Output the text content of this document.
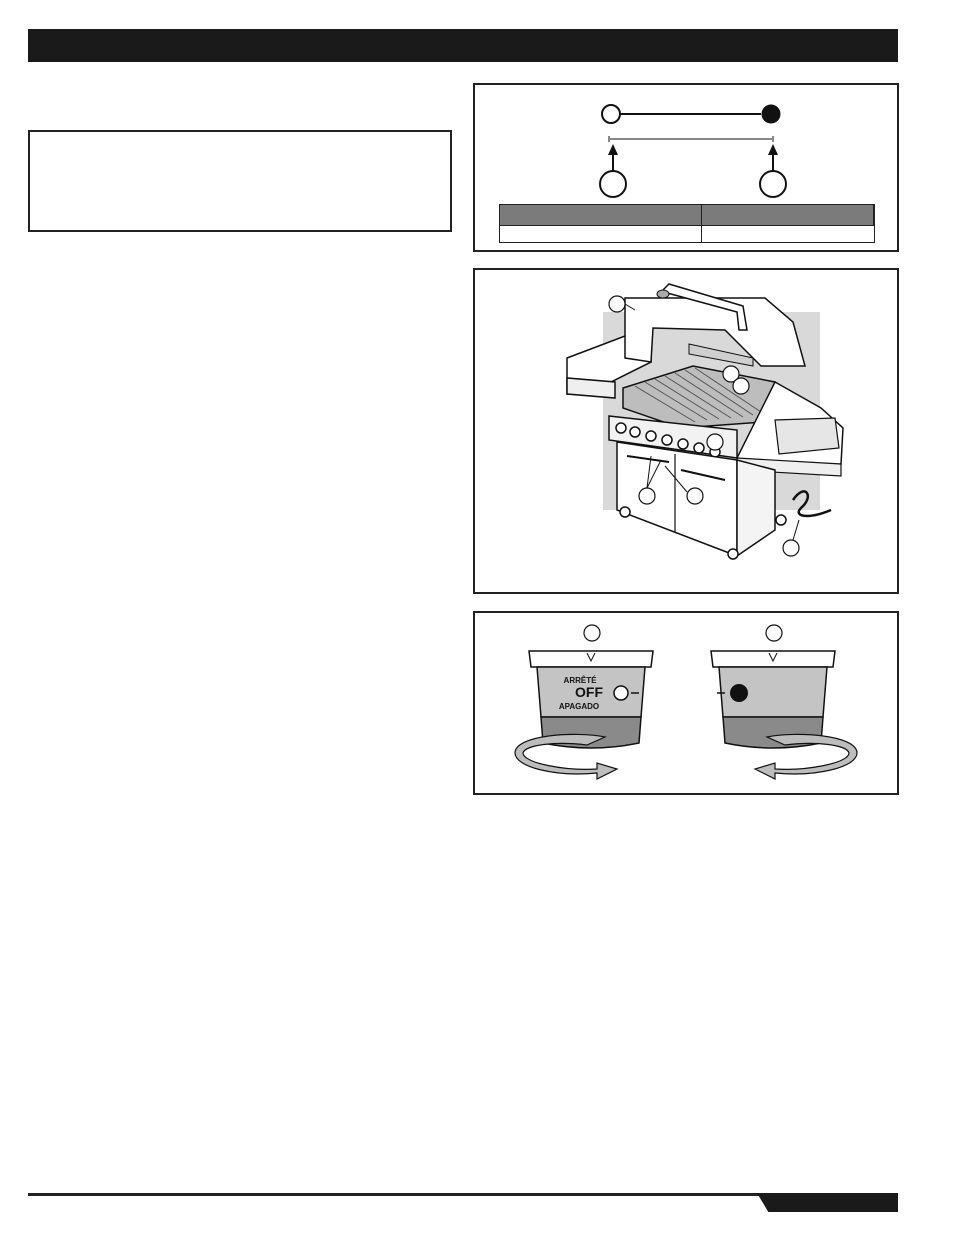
ARRÊTÉ
OFF
APAGADO
